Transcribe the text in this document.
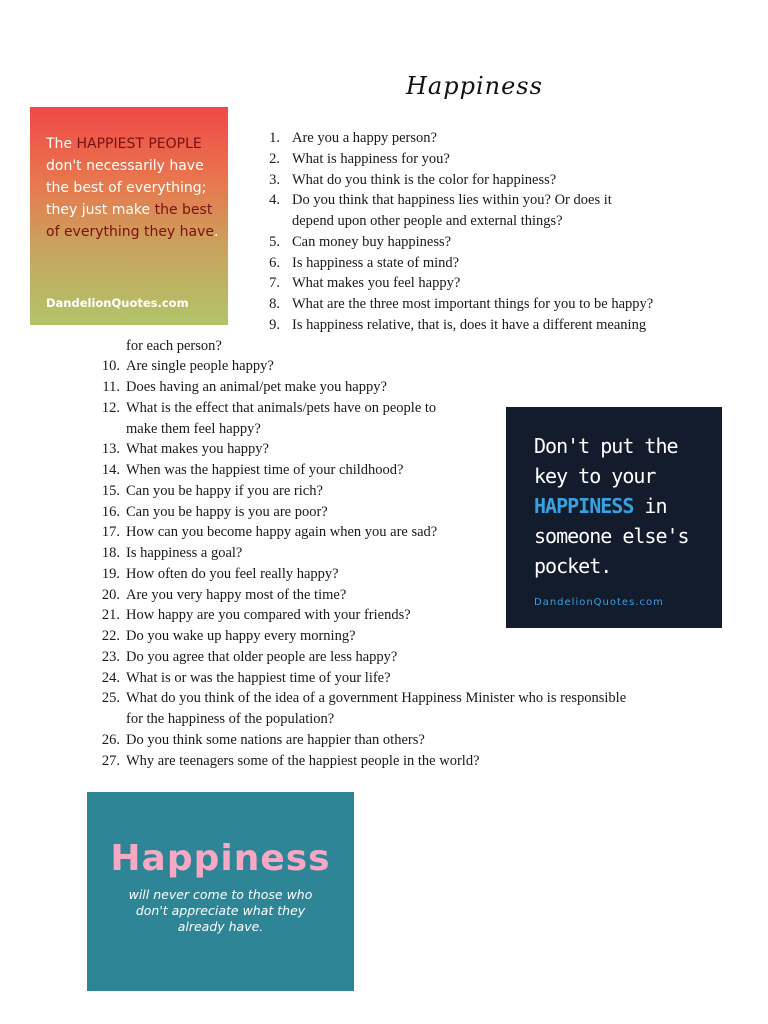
Happiness
1. Are you a happy person?
2. What is happiness for you?
3. What do you think is the color for happiness?
4. Do you think that happiness lies within you? Or does it
depend upon other people and external things?
5. Can money buy happiness?
6. Is happiness a state of mind?
7. What makes you feel happy?
8. What are the three most important things for you to be happy?
9. Is happiness relative, that is, does it have a different meaning
for each person?
10. Are single people happy?
11. Does having an animal/pet make you happy?
12. What is the effect that animals/pets have on people to
make them feel happy?
13. What makes you happy?
14. When was the happiest time of your childhood?
15. Can you be happy if you are rich?
16. Can you be happy is you are poor?
17. How can you become happy again when you are sad?
18. Is happiness a goal?
19. How often do you feel really happy?
20. Are you very happy most of the time?
21. How happy are you compared with your friends?
22. Do you wake up happy every morning?
23. Do you agree that older people are less happy?
24. What is or was the happiest time of your life?
25. What do you think of the idea of a government Happiness Minister who is responsible
for the happiness of the population?
26. Do you think some nations are happier than others?
27. Why are teenagers some of the happiest people in the world?
The HAPPIEST PEOPLE don't necessarily have the best of everything; they just make the best of everything they have.
DandelionQuotes.com
Don't put the key to your HAPPINESS in someone else's pocket.
DandelionQuotes.com
Happiness
will never come to those who don't appreciate what they already have.
